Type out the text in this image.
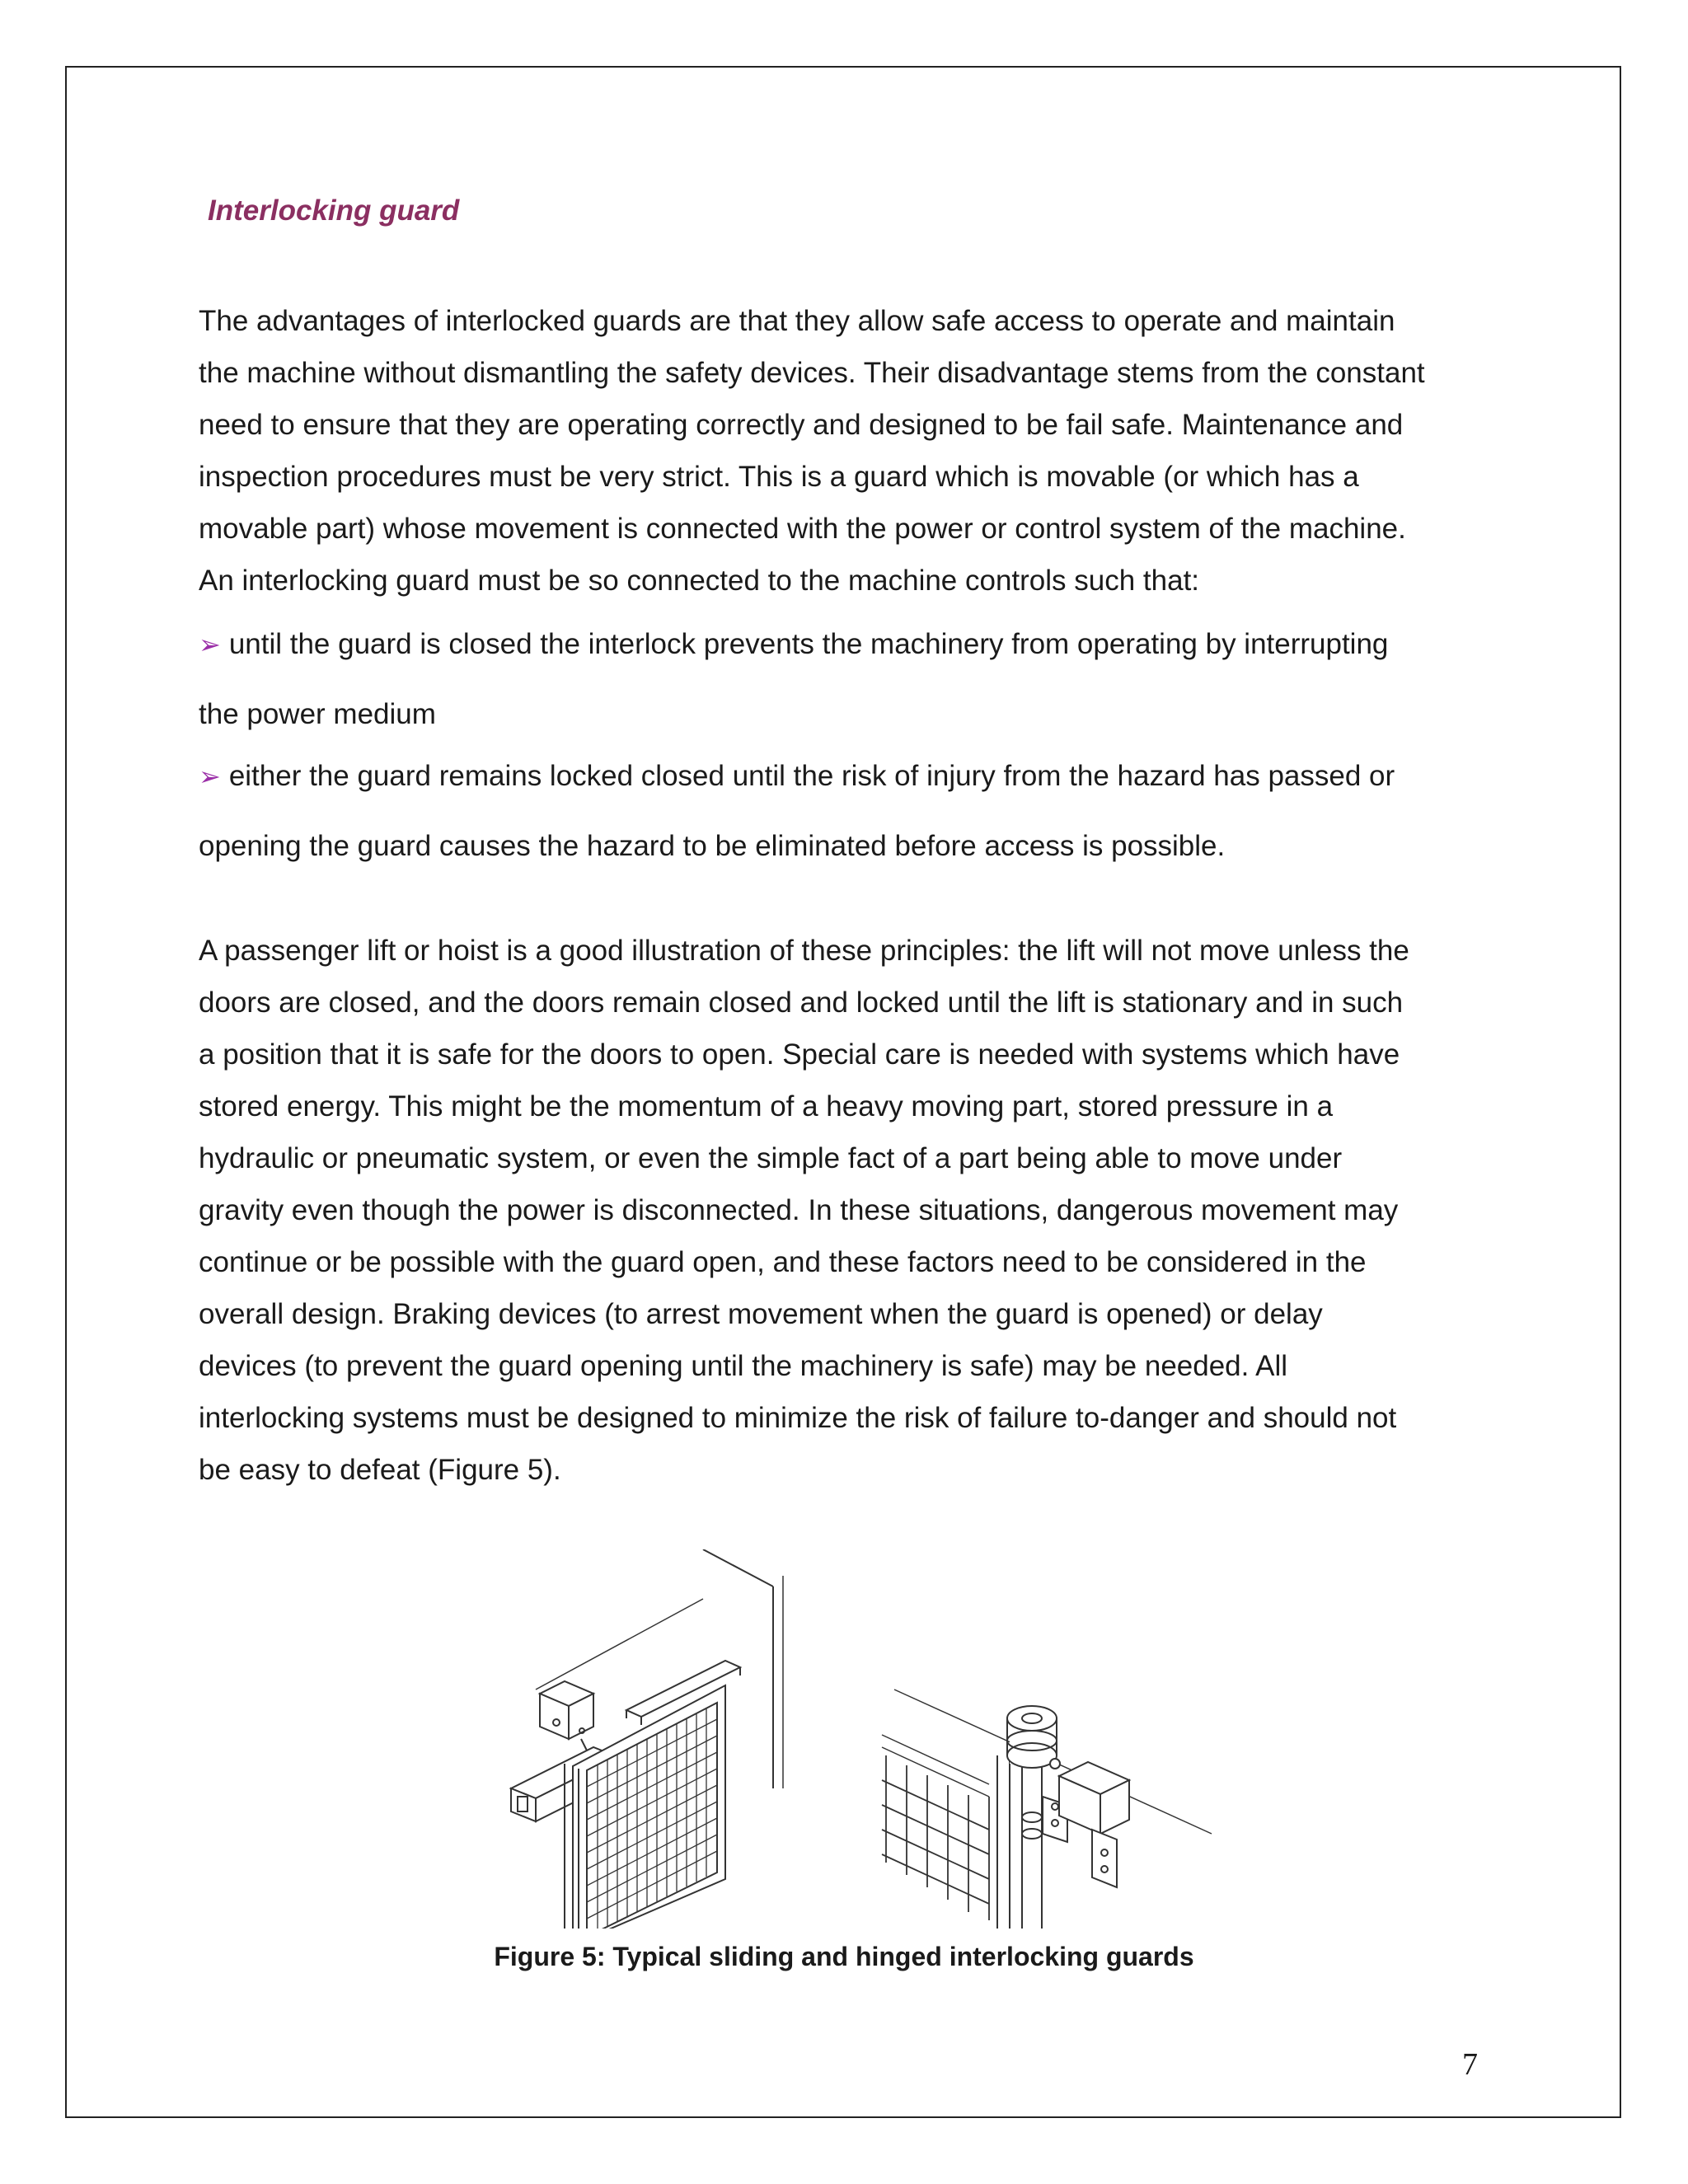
Interlocking guard

The advantages of interlocked guards are that they allow safe access to operate and maintain
the machine without dismantling the safety devices. Their disadvantage stems from the constant
need to ensure that they are operating correctly and designed to be fail safe. Maintenance and
inspection procedures must be very strict. This is a guard which is movable (or which has a
movable part) whose movement is connected with the power or control system of the machine.
An interlocking guard must be so connected to the machine controls such that:

➢ until the guard is closed the interlock prevents the machinery from operating by interrupting
the power medium
➢ either the guard remains locked closed until the risk of injury from the hazard has passed or
opening the guard causes the hazard to be eliminated before access is possible.

A passenger lift or hoist is a good illustration of these principles: the lift will not move unless the
doors are closed, and the doors remain closed and locked until the lift is stationary and in such
a position that it is safe for the doors to open. Special care is needed with systems which have
stored energy. This might be the momentum of a heavy moving part, stored pressure in a
hydraulic or pneumatic system, or even the simple fact of a part being able to move under
gravity even though the power is disconnected. In these situations, dangerous movement may
continue or be possible with the guard open, and these factors need to be considered in the
overall design. Braking devices (to arrest movement when the guard is opened) or delay
devices (to prevent the guard opening until the machinery is safe) may be needed. All
interlocking systems must be designed to minimize the risk of failure to-danger and should not
be easy to defeat (Figure 5).

Figure 5: Typical sliding and hinged interlocking guards
7
